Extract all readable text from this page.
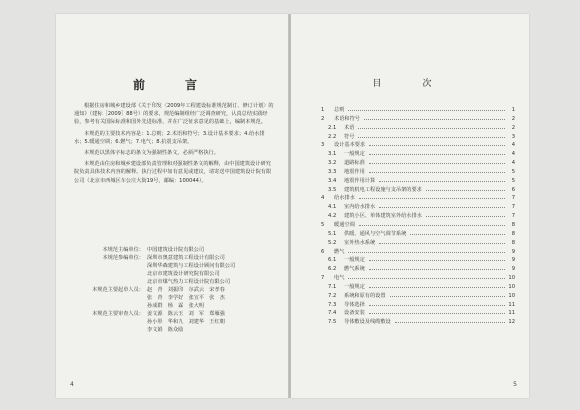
前　言

根据住房和城乡建设部《关于印发〈2009年工程建设标准规范制订、修订计划〉的通知》（建标［2009］88号）的要求，规范编制组经广泛调查研究，认真总结实践经验，参考有关国际标准和国外先进标准，并在广泛征求意见的基础上，编制本规范。

本规范的主要技术内容是：1.总则；2.术语和符号；3.设计基本要求；4.给水排水；5.暖通空调；6.燃气；7.电气；8.抗震支吊架。

本规范以黑体字标志的条文为强制性条文，必须严格执行。

本规范由住房和城乡建设部负责管理和对强制性条文的解释，由中国建筑设计研究院负责具体技术内容的解释。执行过程中如有意见或建议，请寄送中国建筑设计院有限公司（北京市西城区车公庄大街19号，邮编：100044）。

本规范主编单位： 中国建筑设计院有限公司
本规范参编单位： 深圳市奥意建筑工程设计有限公司
深圳华森建筑与工程设计顾问有限公司
北京市建筑设计研究院有限公司
北京市煤气热力工程设计院有限公司
本规范主要起草人员： 赵　青　刘振印　尔武云　宋孝春
张　青　李学好　张宣平　张　杰
孙成群　杨　霖　张大明
本规范主要审查人员： 姜文源　陈云玉　刘　军　郑雁强
孙小彤　华和九　刘建华　王红朝
李文娟　陈众励
4
目　次
1	总则	1
2	术语和符号	2
2.1	术语	2
2.2	符号	3
3	设计基本要求	4
3.1	一般规定	4
3.2	道路标准	4
3.3	地震作用	5
3.4	地震作用计算	5
3.5	建筑机电工程设施与支吊架的要求	6
4	给水排水	7
4.1	室内给水排水	7
4.2	建筑小区、单体建筑室外给水排水	7
5	暖通空调	8
5.1	供暖、通风与空气调节系统	8
5.2	室外热水系统	8
6	燃气	9
6.1	一般规定	9
6.2	燃气系统	9
7	电气	10
7.1	一般规定	10
7.2	系统和原有的设置	10
7.3	导体选择	11
7.4	设备安装	11
7.5	导体敷设及线缆敷设	12
5
